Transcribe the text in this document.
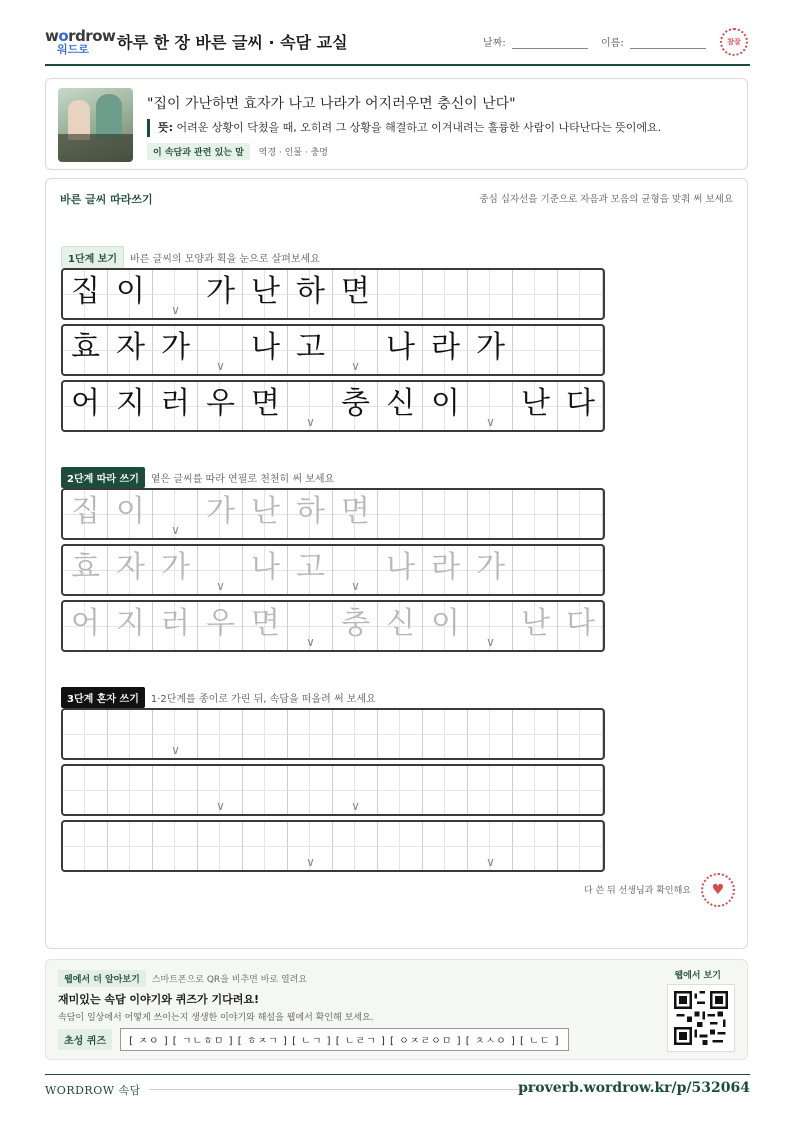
wordrow
워드로	하루 한 장 바른 글씨 · 속담 교실	날짜:	이름:	참잘
"집이 가난하면 효자가 나고 나라가 어지러우면 충신이 난다"
뜻: 어려운 상황이 닥쳤을 때, 오히려 그 상황을 해결하고 이겨내려는 훌륭한 사람이 나타난다는 뜻이에요.
이 속담과 관련 있는 말 역경 · 인물 · 충명
바른 글씨 따라쓰기	중심 십자선을 기준으로 자음과 모음의 균형을 맞춰 써 보세요
1단계 보기 바른 글씨의 모양과 획을 눈으로 살펴보세요
집 이 ∨ 가 난 하 면
효 자 가 ∨ 나 고 ∨ 나 라 가
어 지 러 우 면 ∨ 충 신 이 ∨ 난 다
2단계 따라 쓰기 옅은 글씨를 따라 연필로 천천히 써 보세요
집 이 ∨ 가 난 하 면
효 자 가 ∨ 나 고 ∨ 나 라 가
어 지 러 우 면 ∨ 충 신 이 ∨ 난 다
3단계 혼자 쓰기 1·2단계를 종이로 가린 뒤, 속담을 떠올려 써 보세요
∨
∨
∨
∨
∨
다 쓴 뒤 선생님과 확인해요
♥
웹에서 더 알아보기 스마트폰으로 QR을 비추면 바로 열려요
재미있는 속담 이야기와 퀴즈가 기다려요!
속담이 일상에서 어떻게 쓰이는지 생생한 이야기와 해설을 웹에서 확인해 보세요.
초성 퀴즈 [ ㅈㅇ ] [ ㄱㄴㅎㅁ ] [ ㅎㅈㄱ ] [ ㄴㄱ ] [ ㄴㄹㄱ ] [ ㅇㅈㄹㅇㅁ ] [ ㅊㅅㅇ ] [ ㄴㄷ ]
웹에서 보기
WORDROW 속담	proverb.wordrow.kr/p/532064
